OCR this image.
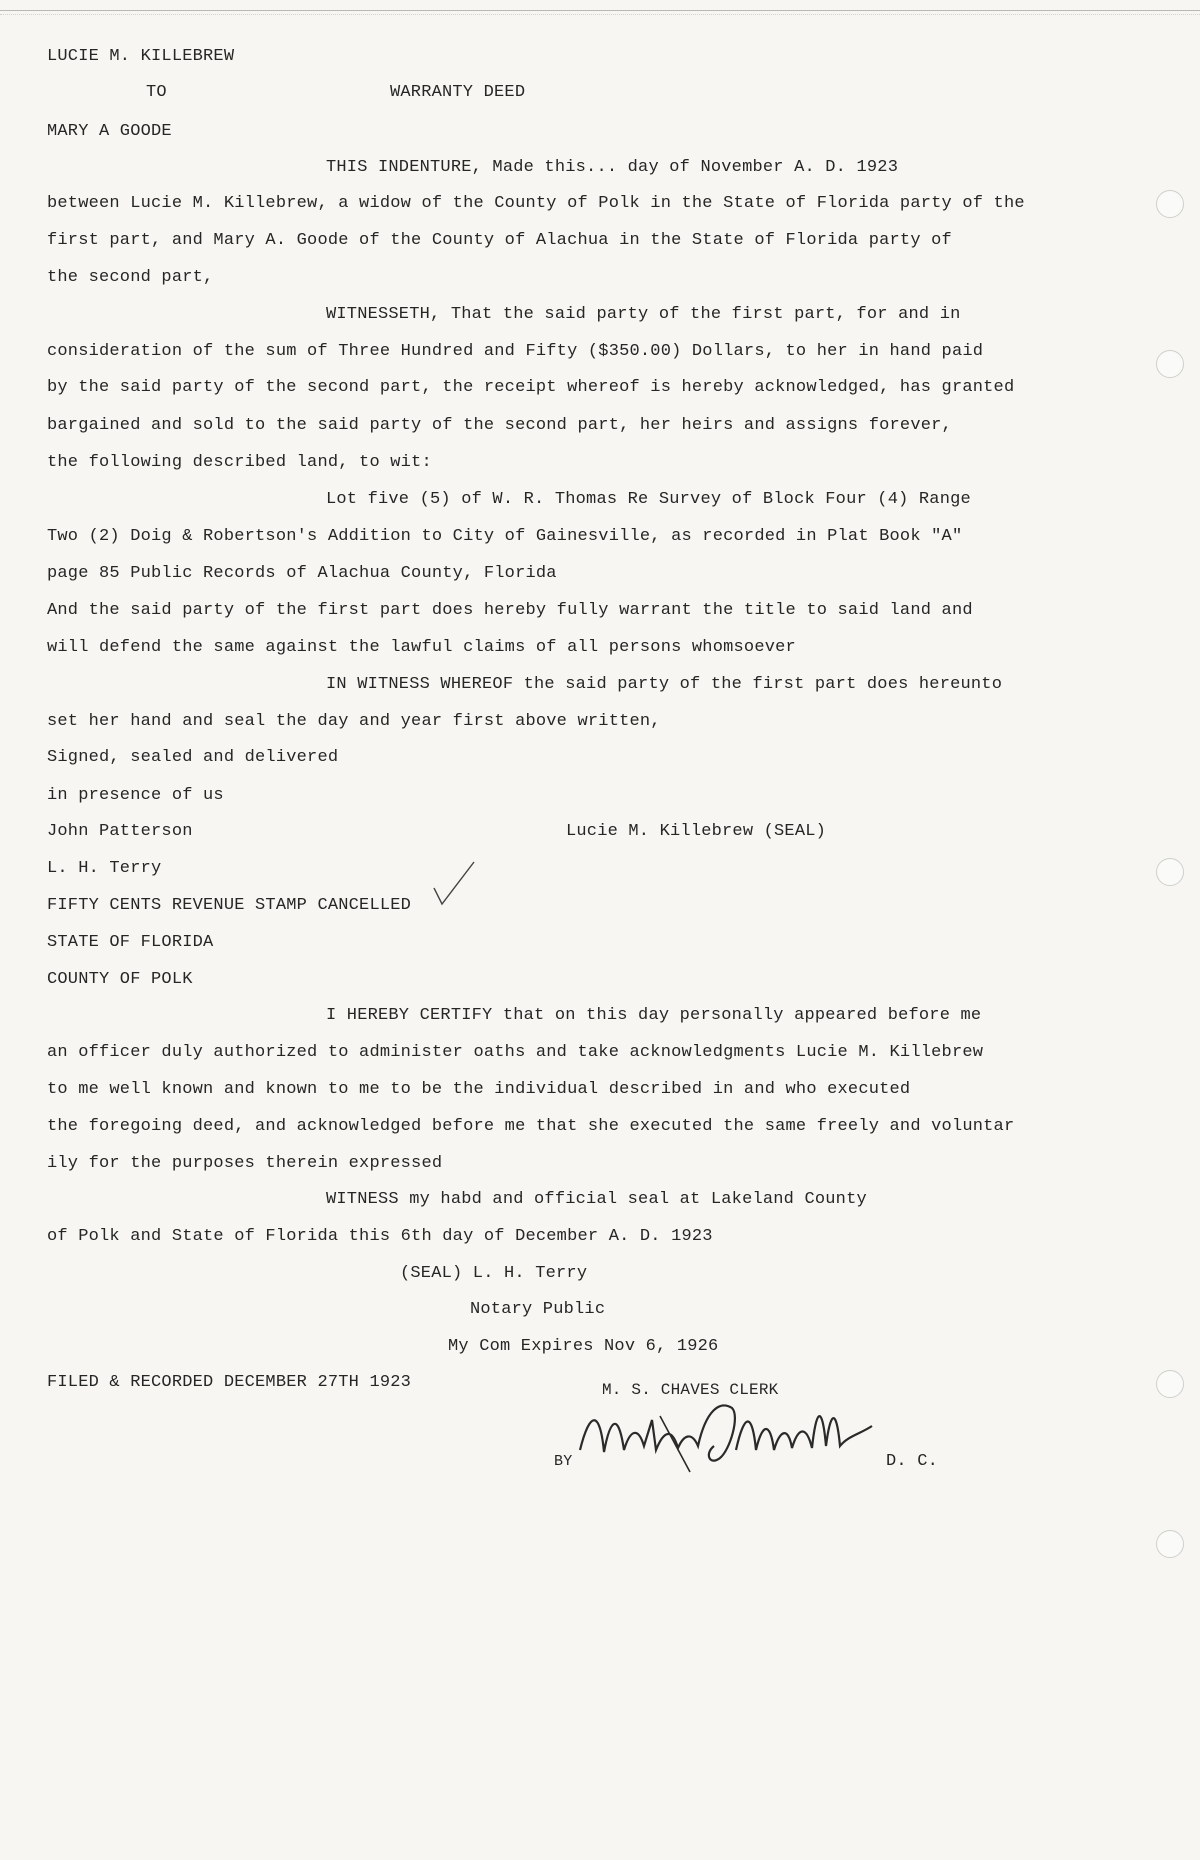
LUCIE M. KILLEBREW
TO	WARRANTY DEED
MARY A GOODE
THIS INDENTURE, Made this... day of November A. D. 1923
between Lucie M. Killebrew, a widow of the County of Polk in the State of Florida party of the
first part, and Mary A. Goode of the County of Alachua in the State of Florida party of
the second part,
WITNESSETH, That the said party of the first part, for and in
consideration of the sum of Three Hundred and Fifty ($350.00) Dollars, to her in hand paid
by the said party of the second part, the receipt whereof is hereby acknowledged, has granted
bargained and sold to the said party of the second part, her heirs and assigns forever,
the following described land, to wit:
Lot five (5) of W. R. Thomas Re Survey of Block Four (4) Range
Two (2) Doig & Robertson's Addition to City of Gainesville, as recorded in Plat Book "A"
page 85 Public Records of Alachua County, Florida
And the said party of the first part does hereby fully warrant the title to said land and
will defend the same against the lawful claims of all persons whomsoever
IN WITNESS WHEREOF the said party of the first part does hereunto
set her hand and seal the day and year first above written,
Signed, sealed and delivered
in presence of us
John Patterson	Lucie M. Killebrew (SEAL)
L. H. Terry
FIFTY CENTS REVENUE STAMP CANCELLED
STATE OF FLORIDA
COUNTY OF POLK
I HEREBY CERTIFY that on this day personally appeared before me
an officer duly authorized to administer oaths and take acknowledgments Lucie M. Killebrew
to me well known and known to me to be the individual described in and who executed
the foregoing deed, and acknowledged before me that she executed the same freely and voluntar
ily for the purposes therein expressed
WITNESS my habd and official seal at Lakeland County
of Polk and State of Florida this 6th day of December A. D. 1923
(SEAL) L. H. Terry
Notary Public
My Com Expires Nov 6, 1926
FILED & RECORDED DECEMBER 27TH 1923	M. S. CHAVES CLERK
BY	D. C.
